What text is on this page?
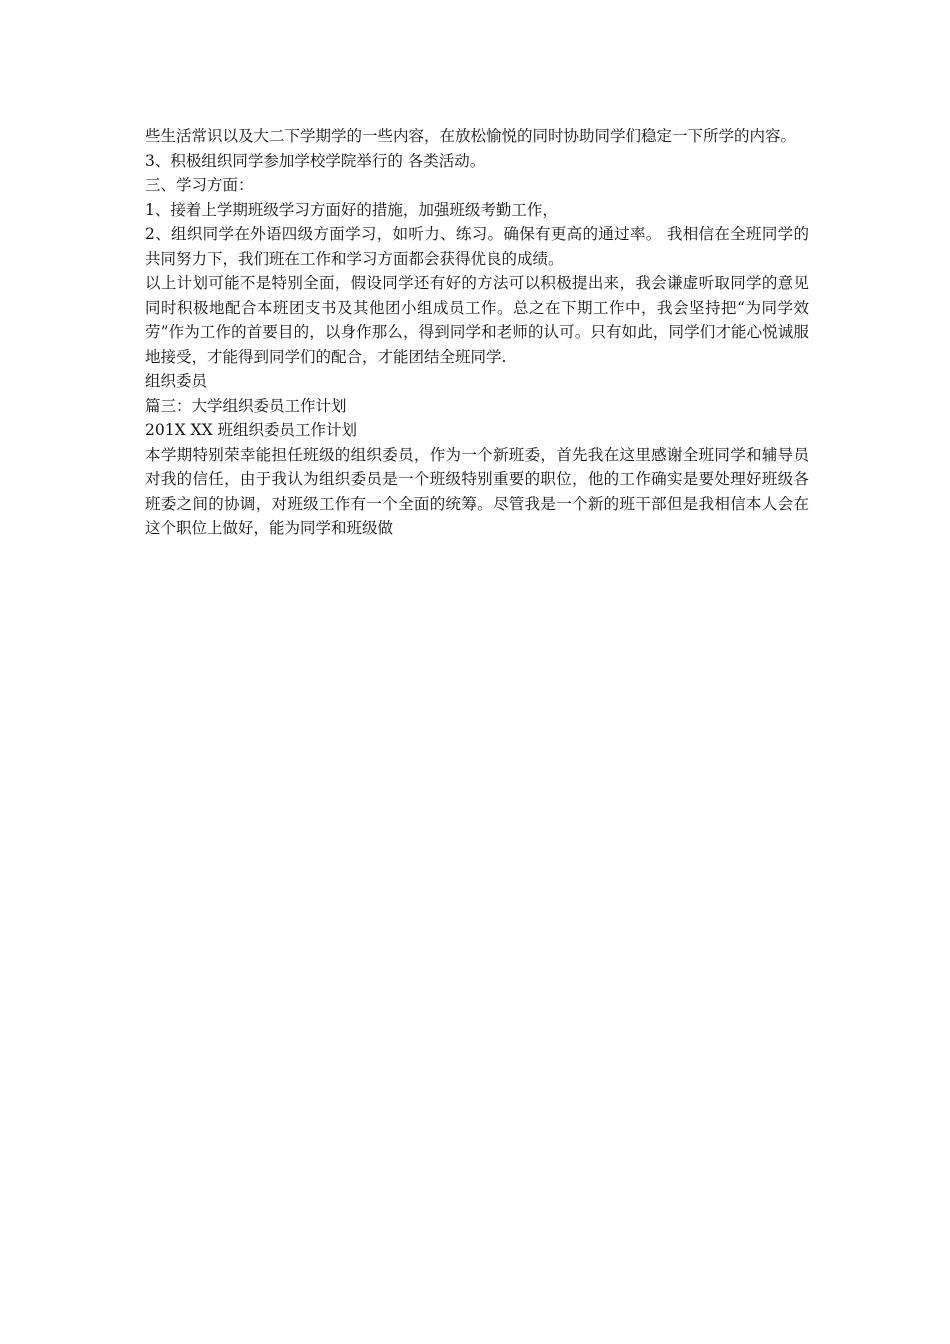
些生活常识以及大二下学期学的一些内容，在放松愉悦的同时协助同学们稳定一下所学的内容。

3、积极组织同学参加学校学院举行的 各类活动。

三、学习方面：

1、接着上学期班级学习方面好的措施，加强班级考勤工作，

2、组织同学在外语四级方面学习，如听力、练习。确保有更高的通过率。 我相信在全班同学的共同努力下，我们班在工作和学习方面都会获得优良的成绩。

以上计划可能不是特别全面，假设同学还有好的方法可以积极提出来，我会谦虚听取同学的意见同时积极地配合本班团支书及其他团小组成员工作。总之在下期工作中，我会坚持把“为同学效劳”作为工作的首要目的，以身作那么，得到同学和老师的认可。只有如此，同学们才能心悦诚服地接受，才能得到同学们的配合，才能团结全班同学.

组织委员

篇三：大学组织委员工作计划

201X XX 班组织委员工作计划

本学期特别荣幸能担任班级的组织委员，作为一个新班委，首先我在这里感谢全班同学和辅导员对我的信任，由于我认为组织委员是一个班级特别重要的职位，他的工作确实是要处理好班级各班委之间的协调，对班级工作有一个全面的统筹。尽管我是一个新的班干部但是我相信本人会在这个职位上做好，能为同学和班级做
